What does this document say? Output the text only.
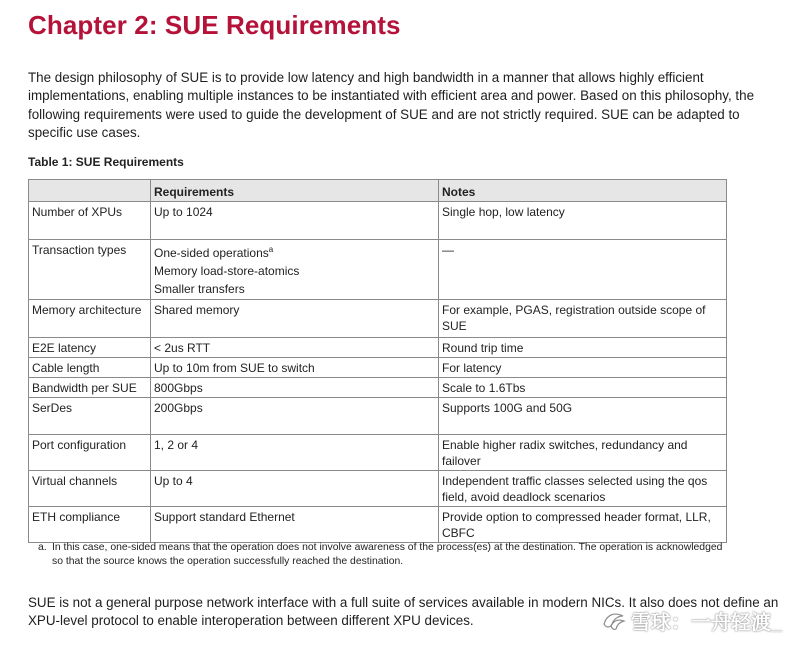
Chapter 2: SUE Requirements

The design philosophy of SUE is to provide low latency and high bandwidth in a manner that allows highly efficient implementations, enabling multiple instances to be instantiated with efficient area and power. Based on this philosophy, the following requirements were used to guide the development of SUE and are not strictly required. SUE can be adapted to specific use cases.

Table 1: SUE Requirements

	Requirements	Notes
Number of XPUs	Up to 1024	Single hop, low latency
Transaction types	One-sided operations$^a$
Memory load-store-atomics
Smaller transfers	—
Memory architecture	Shared memory	For example, PGAS, registration outside scope of SUE
E2E latency	< 2us RTT	Round trip time
Cable length	Up to 10m from SUE to switch	For latency
Bandwidth per SUE	800Gbps	Scale to 1.6Tbs
SerDes	200Gbps	Supports 100G and 50G
Port configuration	1, 2 or 4	Enable higher radix switches, redundancy and failover
Virtual channels	Up to 4	Independent traffic classes selected using the qos field, avoid deadlock scenarios
ETH compliance	Support standard Ethernet	Provide option to compressed header format, LLR, CBFC

a. In this case, one-sided means that the operation does not involve awareness of the process(es) at the destination. The operation is acknowledged so that the source knows the operation successfully reached the destination.

SUE is not a general purpose network interface with a full suite of services available in modern NICs. It also does not define an XPU-level protocol to enable interoperation between different XPU devices.	雪球：一舟轻渡_
